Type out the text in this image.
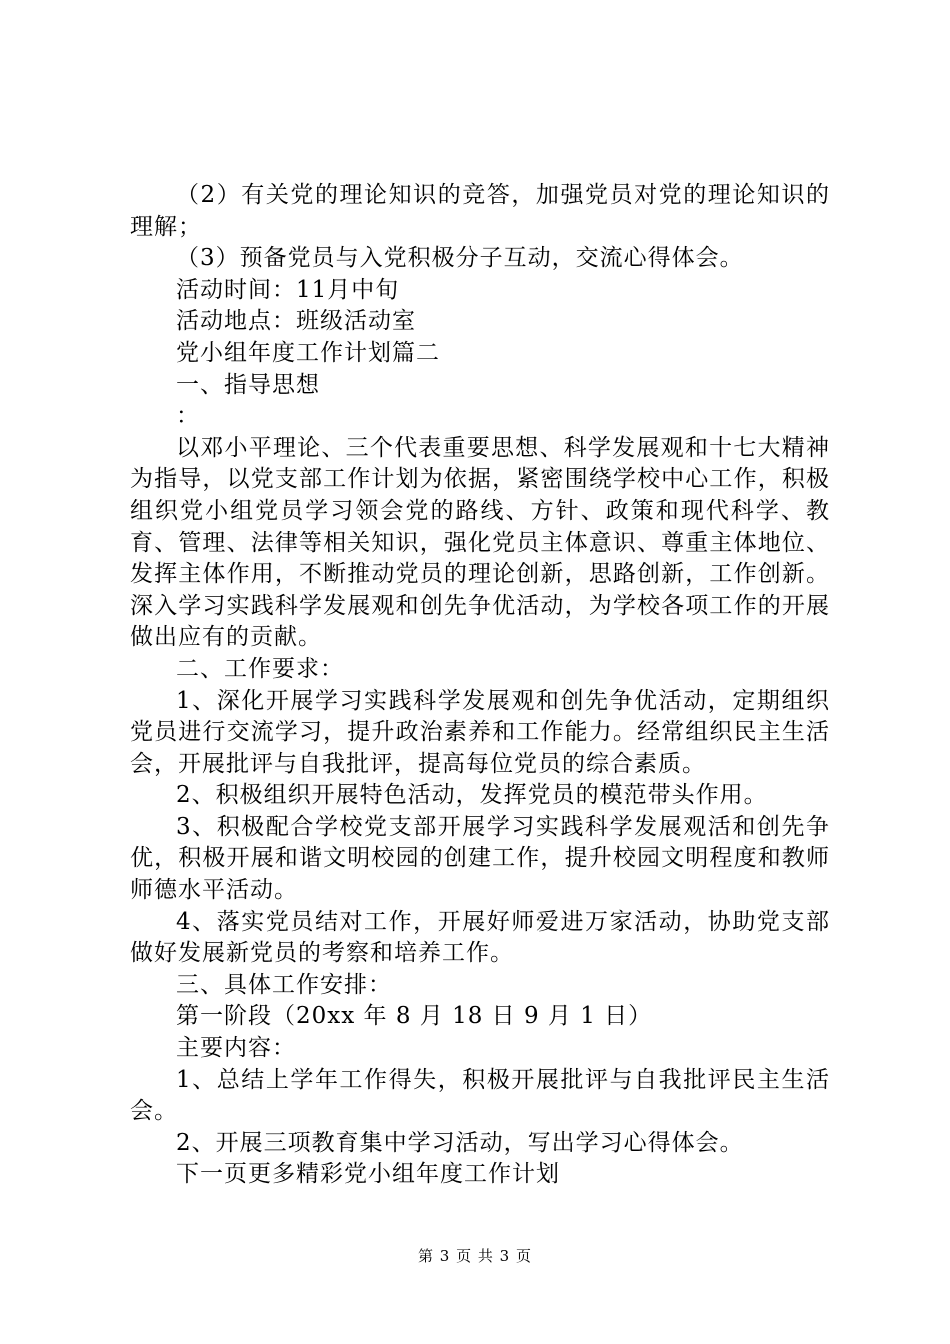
（2）有关党的理论知识的竞答，加强党员对党的理论知识的理解；

（3）预备党员与入党积极分子互动，交流心得体会。

活动时间：11月中旬

活动地点：班级活动室

党小组年度工作计划篇二

一、指导思想

：

以邓小平理论、三个代表重要思想、科学发展观和十七大精神为指导，以党支部工作计划为依据，紧密围绕学校中心工作，积极组织党小组党员学习领会党的路线、方针、政策和现代科学、教育、管理、法律等相关知识，强化党员主体意识、尊重主体地位、发挥主体作用，不断推动党员的理论创新，思路创新，工作创新。深入学习实践科学发展观和创先争优活动，为学校各项工作的开展做出应有的贡献。

二、工作要求：

1、深化开展学习实践科学发展观和创先争优活动，定期组织党员进行交流学习，提升政治素养和工作能力。经常组织民主生活会，开展批评与自我批评，提高每位党员的综合素质。

2、积极组织开展特色活动，发挥党员的模范带头作用。

3、积极配合学校党支部开展学习实践科学发展观活和创先争优，积极开展和谐文明校园的创建工作，提升校园文明程度和教师师德水平活动。

4、落实党员结对工作，开展好师爱进万家活动，协助党支部做好发展新党员的考察和培养工作。

三、具体工作安排：

第一阶段（20xx 年 8 月 18 日 9 月 1 日）

主要内容：

1、总结上学年工作得失，积极开展批评与自我批评民主生活会。

2、开展三项教育集中学习活动，写出学习心得体会。

下一页更多精彩党小组年度工作计划

第 3 页 共 3 页
